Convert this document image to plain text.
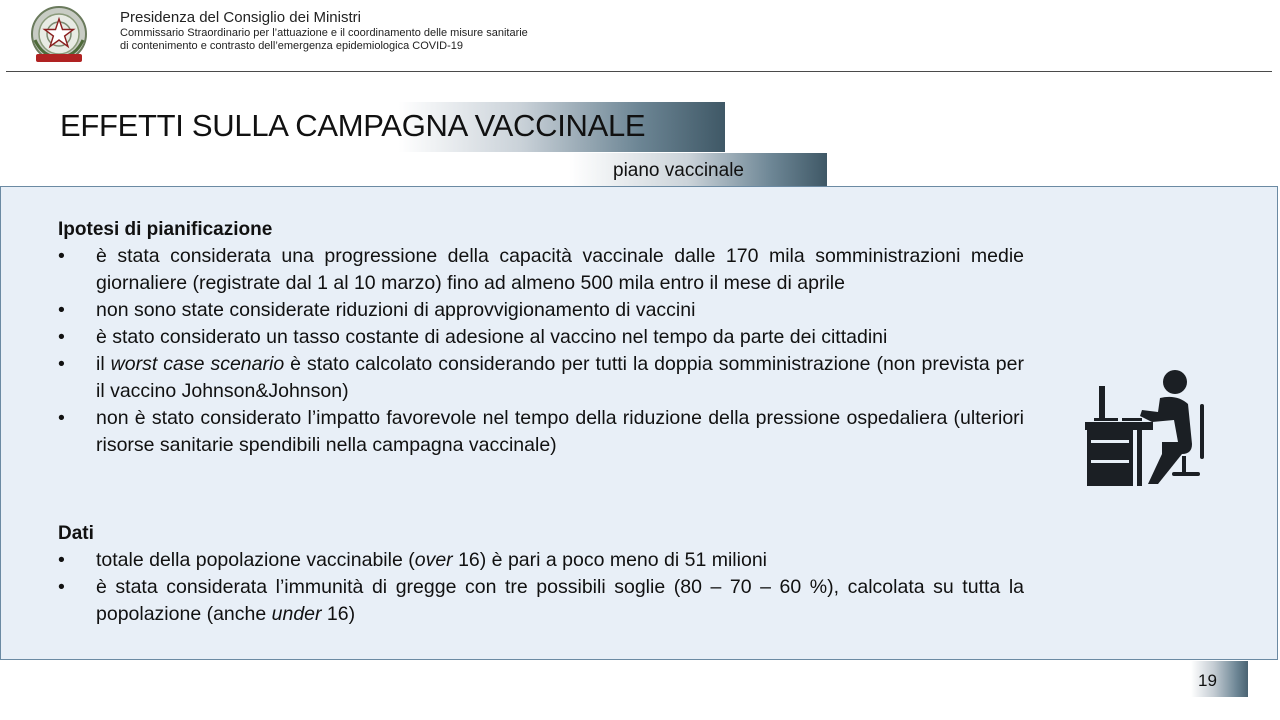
Presidenza del Consiglio dei Ministri
Commissario Straordinario per l’attuazione e il coordinamento delle misure sanitarie
di contenimento e contrasto dell’emergenza epidemiologica COVID-19
EFFETTI SULLA CAMPAGNA VACCINALE
piano vaccinale

Ipotesi di pianificazione

• è stata considerata una progressione della capacità vaccinale dalle 170 mila somministrazioni medie giornaliere (registrate dal 1 al 10 marzo) fino ad almeno 500 mila entro il mese di aprile
• non sono state considerate riduzioni di approvvigionamento di vaccini
• è stato considerato un tasso costante di adesione al vaccino nel tempo da parte dei cittadini
• il worst case scenario è stato calcolato considerando per tutti la doppia somministrazione (non prevista per il vaccino Johnson&Johnson)
• non è stato considerato l’impatto favorevole nel tempo della riduzione della pressione ospedaliera (ulteriori risorse sanitarie spendibili nella campagna vaccinale)

Dati

• totale della popolazione vaccinabile (over 16) è pari a poco meno di 51 milioni
• è stata considerata l’immunità di gregge con tre possibili soglie (80 – 70 – 60 %), calcolata su tutta la popolazione (anche under 16)
19
